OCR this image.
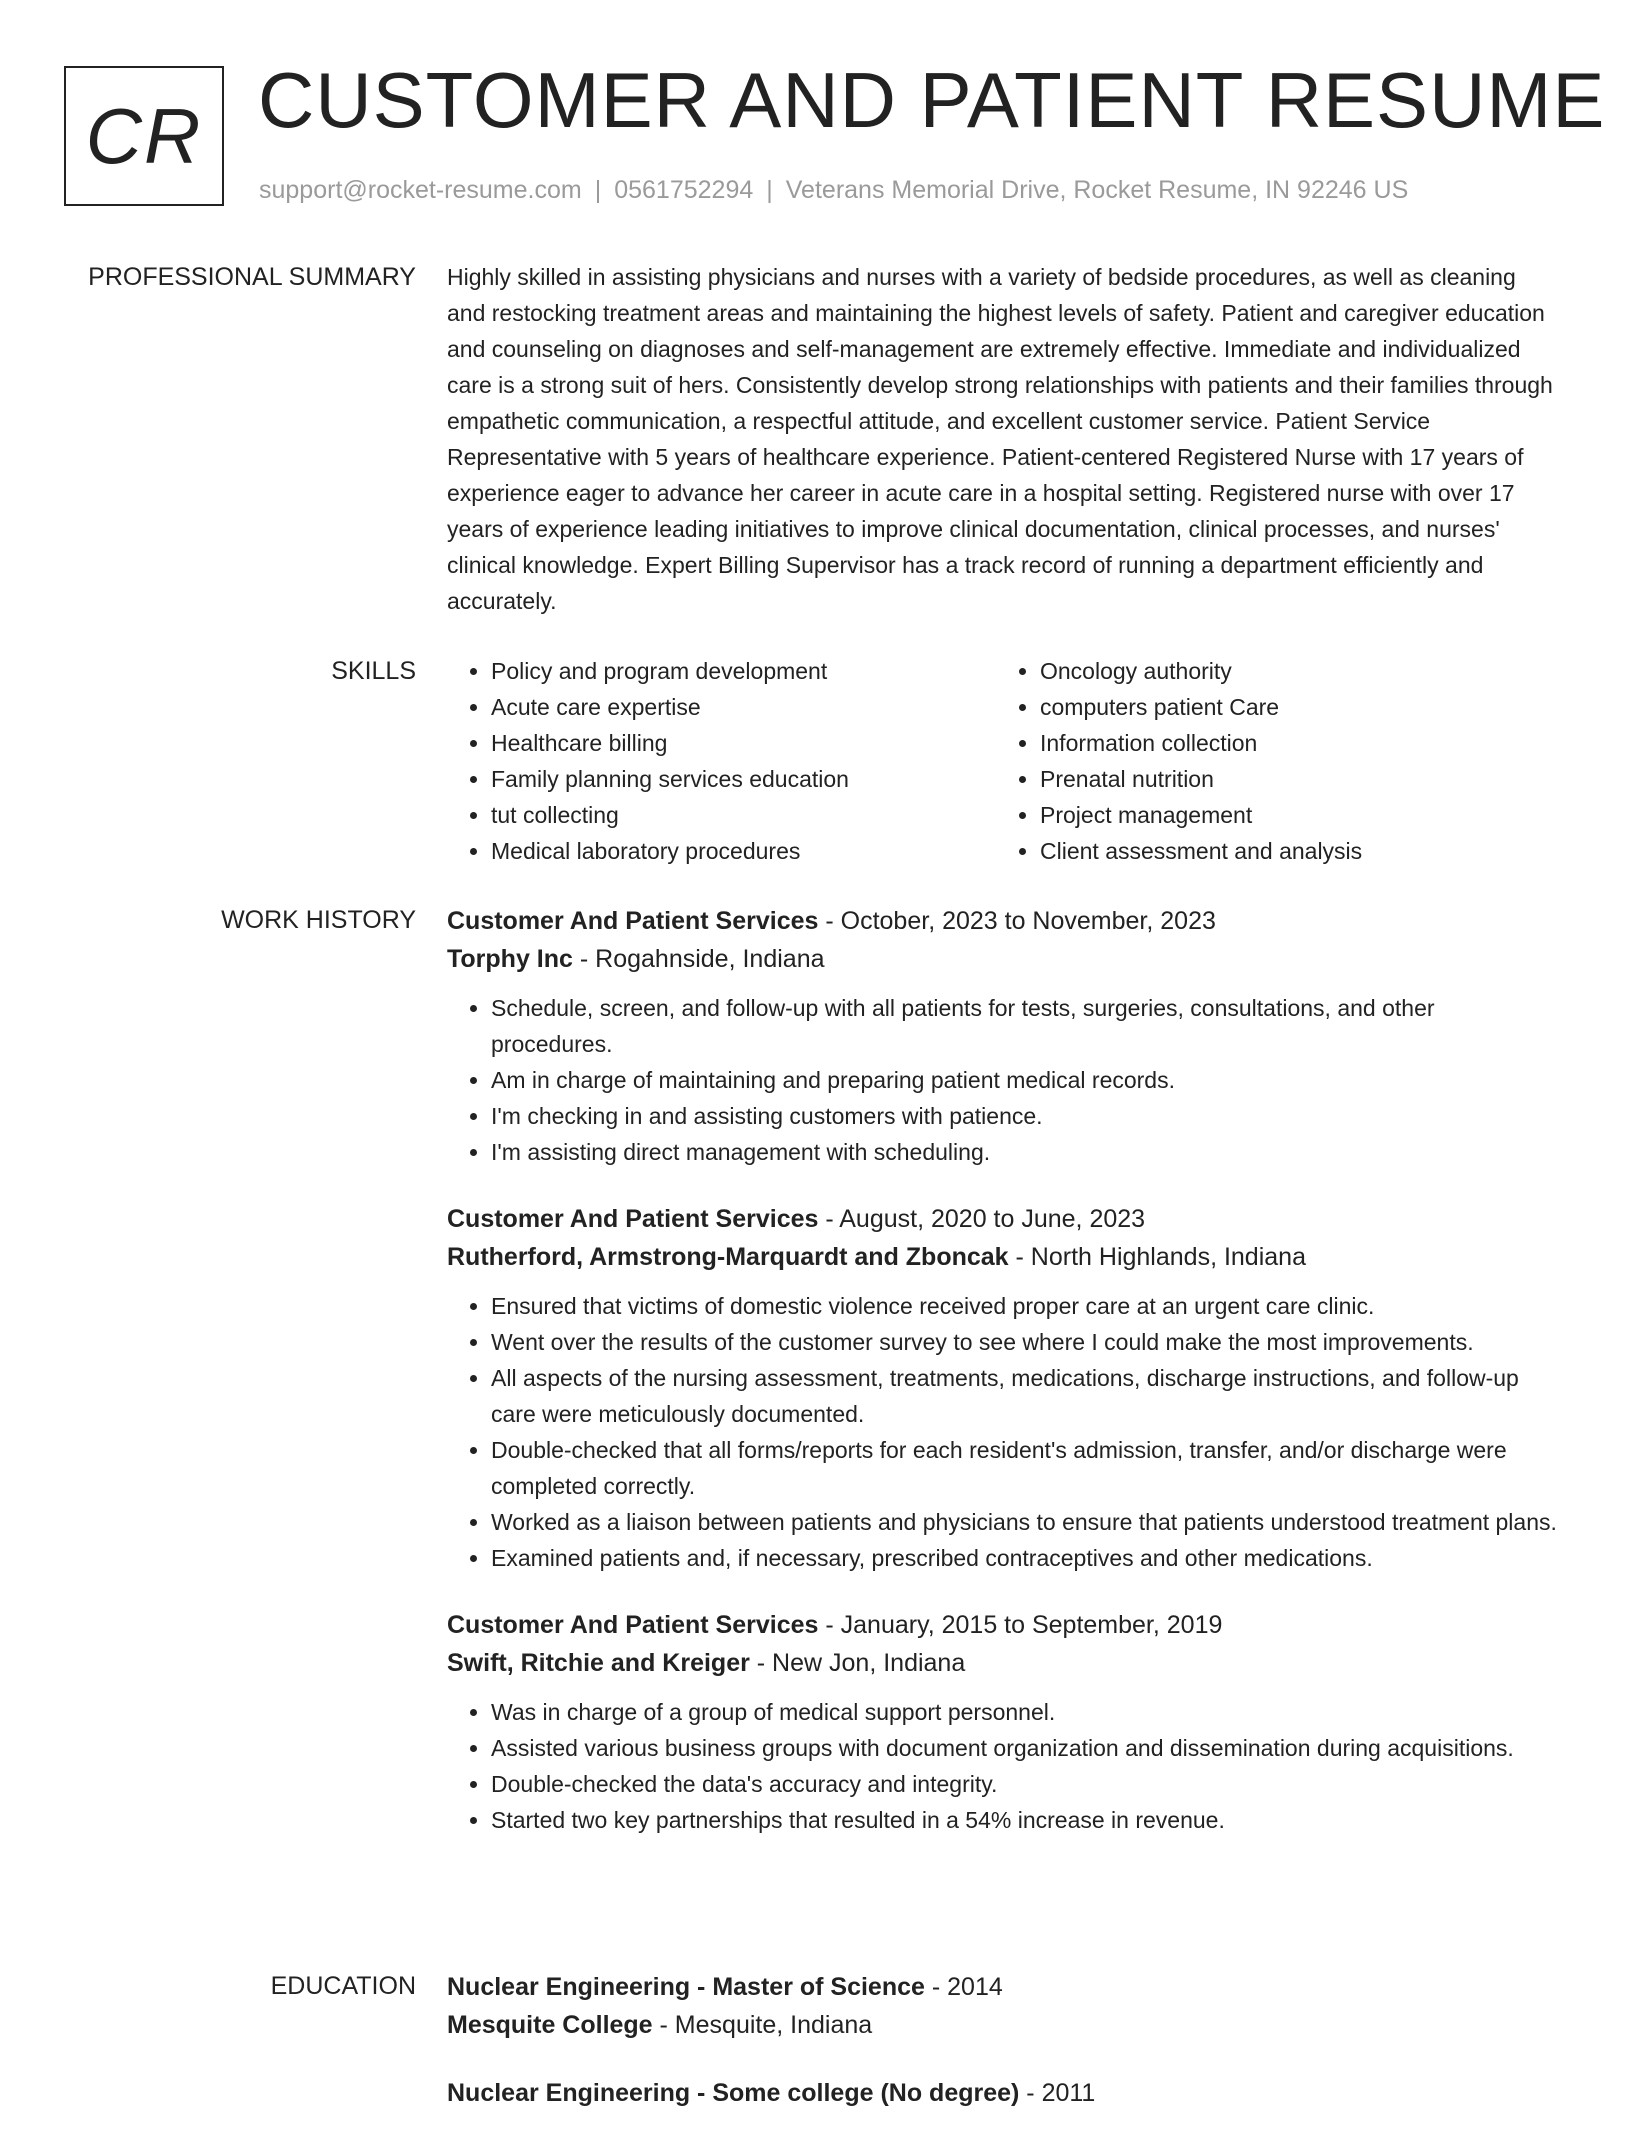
CR CUSTOMER AND PATIENT RESUME
support@rocket-resume.com | 0561752294 | Veterans Memorial Drive, Rocket Resume, IN 92246 US
PROFESSIONAL SUMMARY Highly skilled in assisting physicians and nurses with a variety of bedside procedures, as well as cleaning and restocking treatment areas and maintaining the highest levels of safety. Patient and caregiver education and counseling on diagnoses and self-management are extremely effective. Immediate and individualized care is a strong suit of hers. Consistently develop strong relationships with patients and their families through empathetic communication, a respectful attitude, and excellent customer service. Patient Service Representative with 5 years of healthcare experience. Patient-centered Registered Nurse with 17 years of experience eager to advance her career in acute care in a hospital setting. Registered nurse with over 17 years of experience leading initiatives to improve clinical documentation, clinical processes, and nurses' clinical knowledge. Expert Billing Supervisor has a track record of running a department efficiently and accurately.

SKILLS
•	Policy and program development
• Acute care expertise
• Healthcare billing
• Family planning services education
• tut collecting
• Medical laboratory procedures
• Oncology authority
• computers patient Care
• Information collection
• Prenatal nutrition
• Project management
• Client assessment and analysis
WORK HISTORY Customer And Patient Services - October, 2023 to November, 2023
Torphy Inc - Rogahnside, Indiana
• Schedule, screen, and follow-up with all patients for tests, surgeries, consultations, and other procedures.
• Am in charge of maintaining and preparing patient medical records.
• I'm checking in and assisting customers with patience.
• I'm assisting direct management with scheduling.
Customer And Patient Services - August, 2020 to June, 2023
Rutherford, Armstrong-Marquardt and Zboncak - North Highlands, Indiana
• Ensured that victims of domestic violence received proper care at an urgent care clinic.
• Went over the results of the customer survey to see where I could make the most improvements.
• All aspects of the nursing assessment, treatments, medications, discharge instructions, and follow-up care were meticulously documented.
• Double-checked that all forms/reports for each resident's admission, transfer, and/or discharge were completed correctly.
• Worked as a liaison between patients and physicians to ensure that patients understood treatment plans.
• Examined patients and, if necessary, prescribed contraceptives and other medications.
Customer And Patient Services - January, 2015 to September, 2019
Swift, Ritchie and Kreiger - New Jon, Indiana
• Was in charge of a group of medical support personnel.
• Assisted various business groups with document organization and dissemination during acquisitions.
• Double-checked the data's accuracy and integrity.
• Started two key partnerships that resulted in a 54% increase in revenue.
EDUCATION Nuclear Engineering - Master of Science - 2014
Mesquite College - Mesquite, Indiana
Nuclear Engineering - Some college (No degree) - 2011
